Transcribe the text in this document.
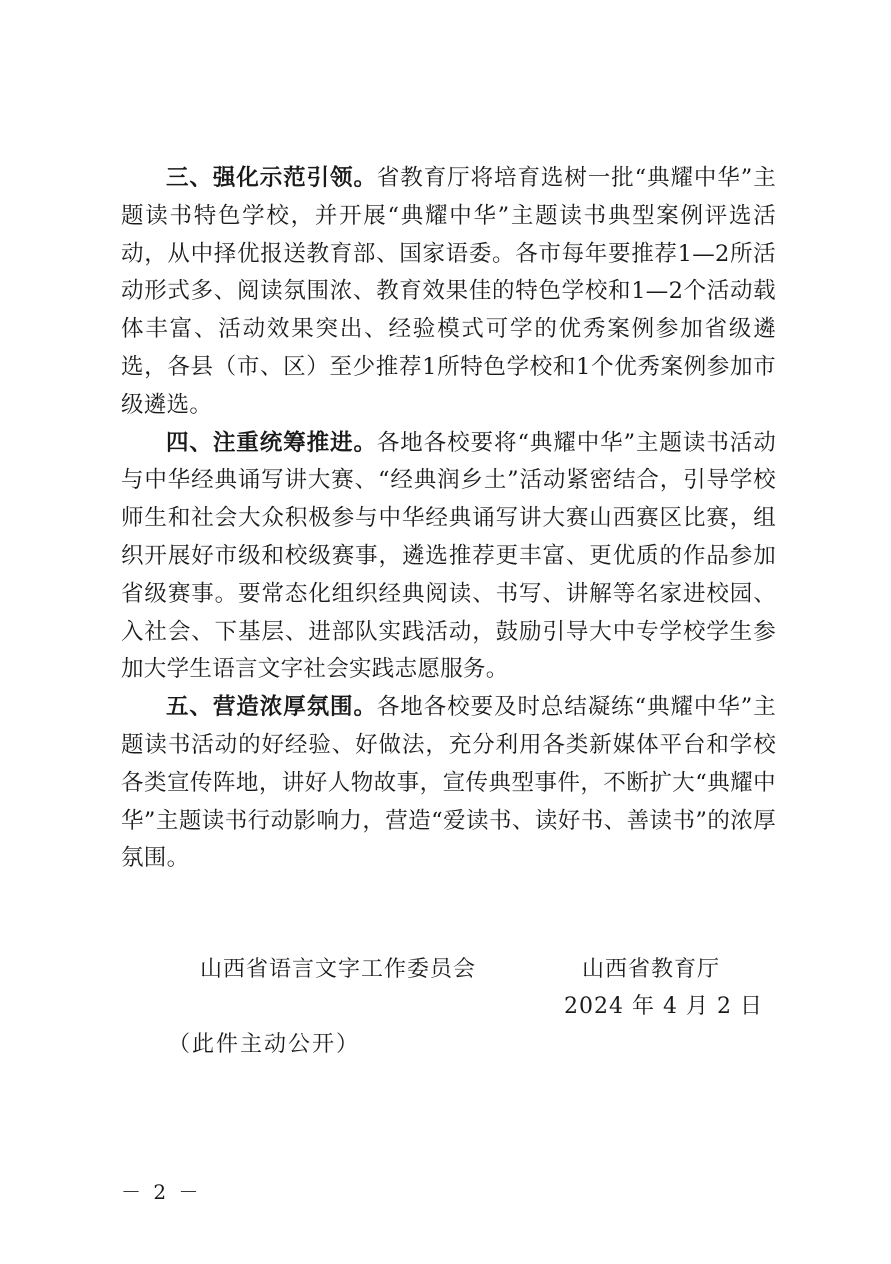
三、强化示范引领。省教育厅将培育选树一批“典耀中华”主题读书特色学校，并开展“典耀中华”主题读书典型案例评选活动，从中择优报送教育部、国家语委。各市每年要推荐1—2所活动形式多、阅读氛围浓、教育效果佳的特色学校和1—2个活动载体丰富、活动效果突出、经验模式可学的优秀案例参加省级遴选，各县（市、区）至少推荐1所特色学校和1个优秀案例参加市级遴选。

四、注重统筹推进。各地各校要将“典耀中华”主题读书活动与中华经典诵写讲大赛、“经典润乡土”活动紧密结合，引导学校师生和社会大众积极参与中华经典诵写讲大赛山西赛区比赛，组织开展好市级和校级赛事，遴选推荐更丰富、更优质的作品参加省级赛事。要常态化组织经典阅读、书写、讲解等名家进校园、入社会、下基层、进部队实践活动，鼓励引导大中专学校学生参加大学生语言文字社会实践志愿服务。

五、营造浓厚氛围。各地各校要及时总结凝练“典耀中华”主题读书活动的好经验、好做法，充分利用各类新媒体平台和学校各类宣传阵地，讲好人物故事，宣传典型事件，不断扩大“典耀中华”主题读书行动影响力，营造“爱读书、读好书、善读书”的浓厚氛围。

山西省语言文字工作委员会	山西省教育厅
2024 年 4 月 2 日
（此件主动公开）
－ 2 －
